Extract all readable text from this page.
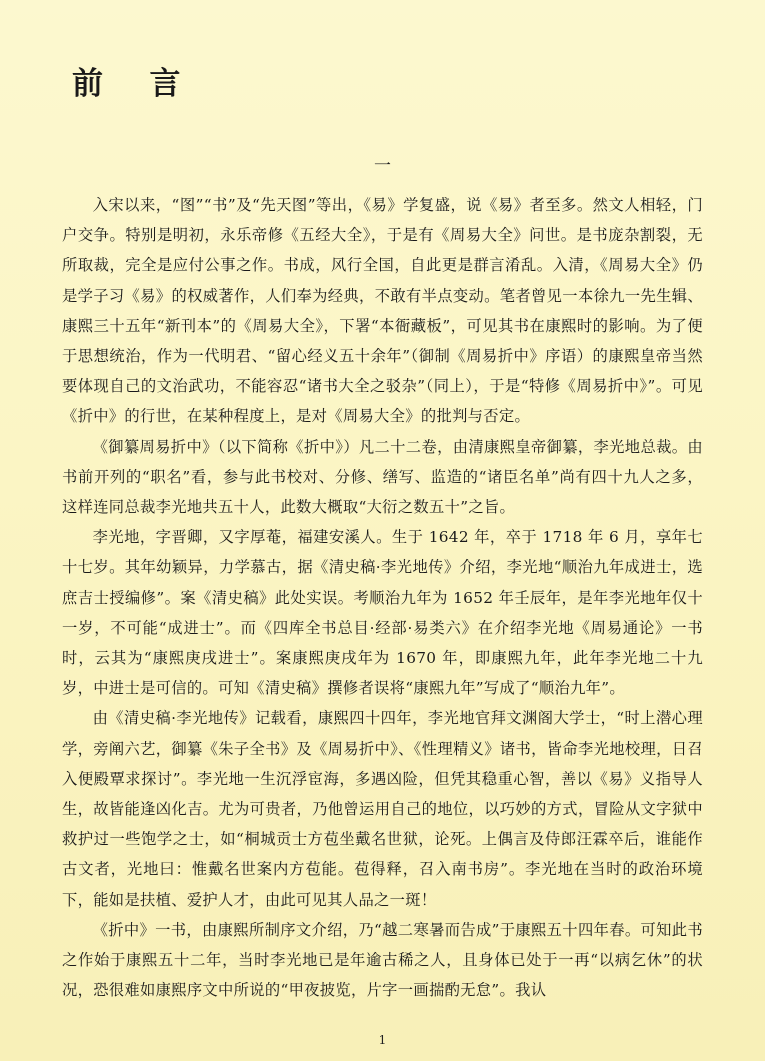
前 言
一

入宋以来，“图”“书”及“先天图”等出，《易》学复盛，说《易》者至多。然文人相轻，门户交争。特别是明初，永乐帝修《五经大全》，于是有《周易大全》问世。是书庞杂割裂，无所取裁，完全是应付公事之作。书成，风行全国，自此更是群言淆乱。入清，《周易大全》仍是学子习《易》的权威著作，人们奉为经典，不敢有半点变动。笔者曾见一本徐九一先生辑、康熙三十五年“新刊本”的《周易大全》，下署“本衙藏板”，可见其书在康熙时的影响。为了便于思想统治，作为一代明君、“留心经义五十余年”（御制《周易折中》序语）的康熙皇帝当然要体现自己的文治武功，不能容忍“诸书大全之驳杂”（同上），于是“特修《周易折中》”。可见《折中》的行世，在某种程度上，是对《周易大全》的批判与否定。

《御纂周易折中》（以下简称《折中》）凡二十二卷，由清康熙皇帝御纂，李光地总裁。由书前开列的“职名”看，参与此书校对、分修、缮写、监造的“诸臣名单”尚有四十九人之多，这样连同总裁李光地共五十人，此数大概取“大衍之数五十”之旨。

李光地，字晋卿，又字厚菴，福建安溪人。生于 1642 年，卒于 1718 年 6 月，享年七十七岁。其年幼颖异，力学慕古，据《清史稿·李光地传》介绍，李光地“顺治九年成进士，选庶吉士授编修”。案《清史稿》此处实误。考顺治九年为 1652 年壬辰年，是年李光地年仅十一岁，不可能“成进士”。而《四库全书总目·经部·易类六》在介绍李光地《周易通论》一书时，云其为“康熙庚戌进士”。案康熙庚戌年为 1670 年，即康熙九年，此年李光地二十九岁，中进士是可信的。可知《清史稿》撰修者误将“康熙九年”写成了“顺治九年”。

由《清史稿·李光地传》记载看，康熙四十四年，李光地官拜文渊阁大学士，“时上潜心理学，旁阐六艺，御纂《朱子全书》及《周易折中》、《性理精义》诸书，皆命李光地校理，日召入便殿覃求探讨”。李光地一生沉浮宦海，多遇凶险，但凭其稳重心智，善以《易》义指导人生，故皆能逢凶化吉。尤为可贵者，乃他曾运用自己的地位，以巧妙的方式，冒险从文字狱中救护过一些饱学之士，如“桐城贡士方苞坐戴名世狱，论死。上偶言及侍郎汪霖卒后，谁能作古文者，光地曰：惟戴名世案内方苞能。苞得释，召入南书房”。李光地在当时的政治环境下，能如是扶植、爱护人才，由此可见其人品之一斑！

《折中》一书，由康熙所制序文介绍，乃“越二寒暑而告成”于康熙五十四年春。可知此书之作始于康熙五十二年，当时李光地已是年逾古稀之人，且身体已处于一再“以病乞休”的状况，恐很难如康熙序文中所说的“甲夜披览，片字一画揣酌无怠”。我认

1
